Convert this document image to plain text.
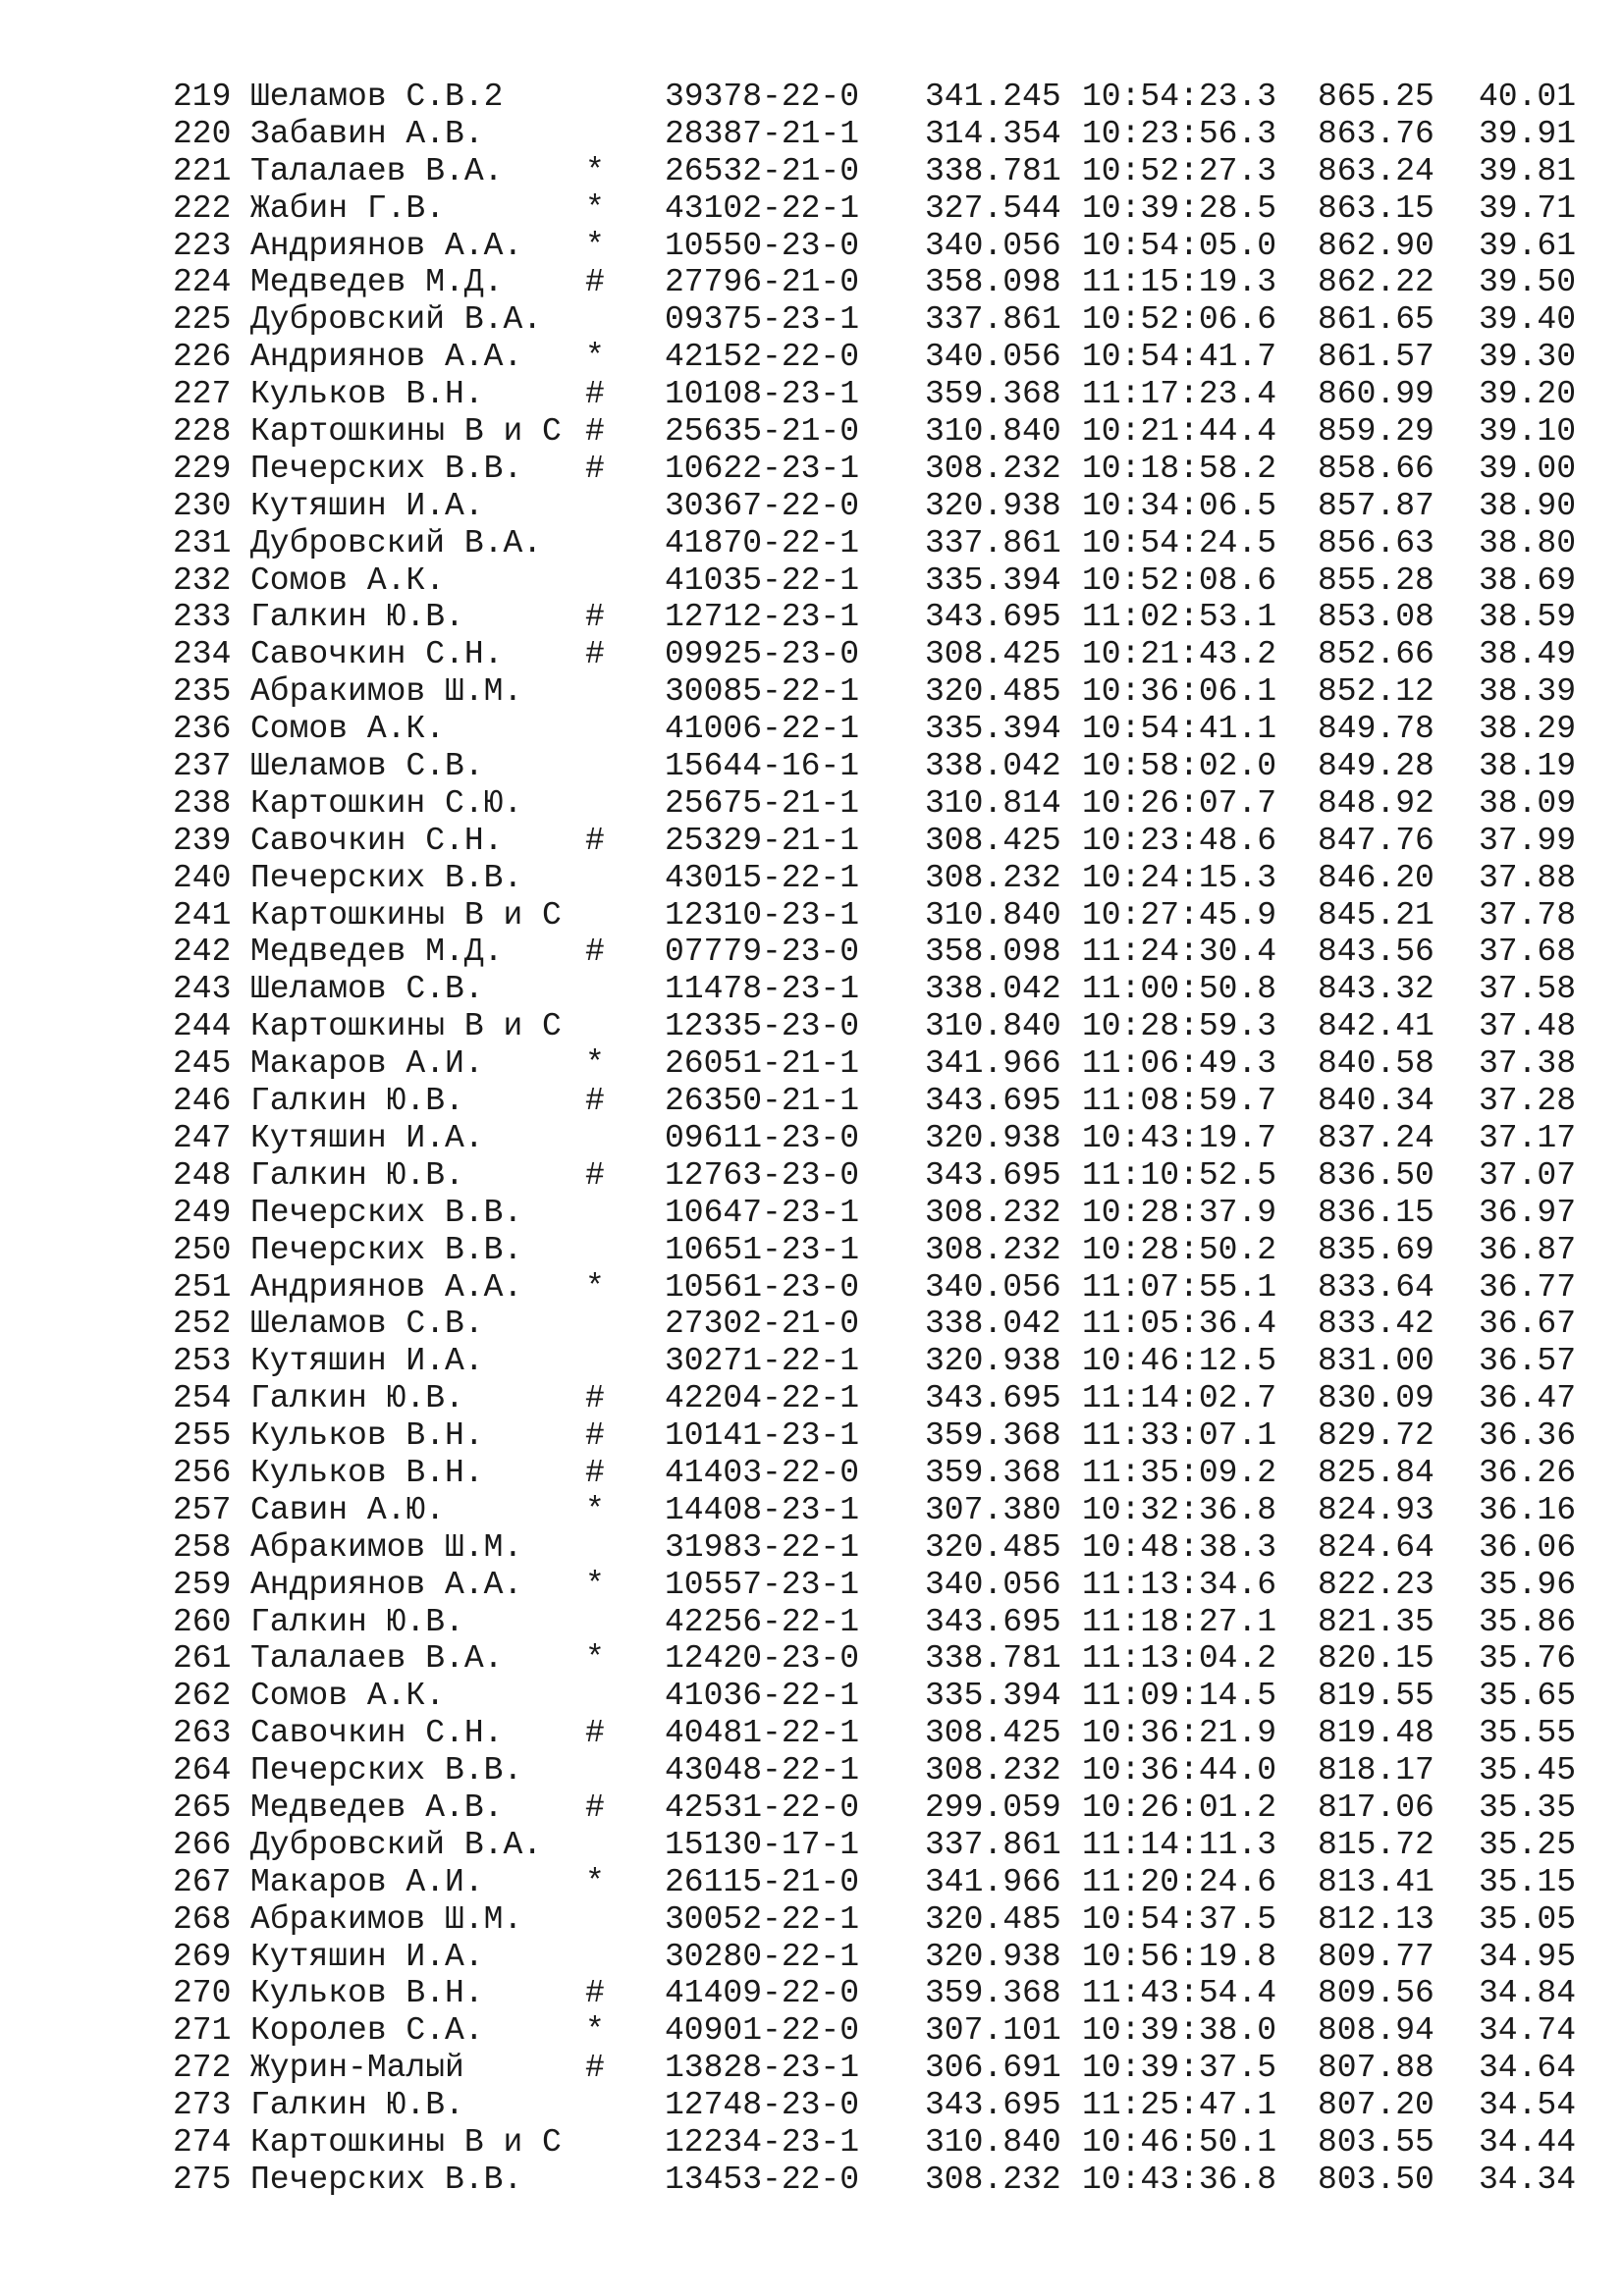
219 Шеламов С.В.2	39378-22-0 341.245 10:54:23.3 865.25 40.01
220 Забавин А.В.	28387-21-1 314.354 10:23:56.3 863.76 39.91
221 Талалаев В.А.	* 26532-21-0 338.781 10:52:27.3 863.24 39.81
222 Жабин Г.В.	* 43102-22-1 327.544 10:39:28.5 863.15 39.71
223 Андриянов А.А. * 10550-23-0 340.056 10:54:05.0 862.90 39.61
224 Медведев М.Д.	# 27796-21-0 358.098 11:15:19.3 862.22 39.50
225 Дубровский В.А.	09375-23-1 337.861 10:52:06.6 861.65 39.40
226 Андриянов А.А. * 42152-22-0 340.056 10:54:41.7 861.57 39.30
227 Кульков В.Н.	# 10108-23-1 359.368 11:17:23.4 860.99 39.20
228 Картошкины В и С # 25635-21-0 310.840 10:21:44.4 859.29 39.10
229 Печерских В.В. # 10622-23-1 308.232 10:18:58.2 858.66 39.00
230 Кутяшин И.А.	30367-22-0 320.938 10:34:06.5 857.87 38.90
231 Дубровский В.А.	41870-22-1 337.861 10:54:24.5 856.63 38.80
232 Сомов А.К.	41035-22-1 335.394 10:52:08.6 855.28 38.69
233 Галкин Ю.В.	# 12712-23-1 343.695 11:02:53.1 853.08 38.59
234 Савочкин С.Н.	# 09925-23-0 308.425 10:21:43.2 852.66 38.49
235 Абракимов Ш.М.	30085-22-1 320.485 10:36:06.1 852.12 38.39
236 Сомов А.К.	41006-22-1 335.394 10:54:41.1 849.78 38.29
237 Шеламов С.В.	15644-16-1 338.042 10:58:02.0 849.28 38.19
238 Картошкин С.Ю.	25675-21-1 310.814 10:26:07.7 848.92 38.09
239 Савочкин С.Н.	# 25329-21-1 308.425 10:23:48.6 847.76 37.99
240 Печерских В.В.	43015-22-1 308.232 10:24:15.3 846.20 37.88
241 Картошкины В и С	12310-23-1 310.840 10:27:45.9 845.21 37.78
242 Медведев М.Д.	# 07779-23-0 358.098 11:24:30.4 843.56 37.68
243 Шеламов С.В.	11478-23-1 338.042 11:00:50.8 843.32 37.58
244 Картошкины В и С	12335-23-0 310.840 10:28:59.3 842.41 37.48
245 Макаров А.И.	* 26051-21-1 341.966 11:06:49.3 840.58 37.38
246 Галкин Ю.В.	# 26350-21-1 343.695 11:08:59.7 840.34 37.28
247 Кутяшин И.А.	09611-23-0 320.938 10:43:19.7 837.24 37.17
248 Галкин Ю.В.	# 12763-23-0 343.695 11:10:52.5 836.50 37.07
249 Печерских В.В.	10647-23-1 308.232 10:28:37.9 836.15 36.97
250 Печерских В.В.	10651-23-1 308.232 10:28:50.2 835.69 36.87
251 Андриянов А.А. * 10561-23-0 340.056 11:07:55.1 833.64 36.77
252 Шеламов С.В.	27302-21-0 338.042 11:05:36.4 833.42 36.67
253 Кутяшин И.А.	30271-22-1 320.938 10:46:12.5 831.00 36.57
254 Галкин Ю.В.	# 42204-22-1 343.695 11:14:02.7 830.09 36.47
255 Кульков В.Н.	# 10141-23-1 359.368 11:33:07.1 829.72 36.36
256 Кульков В.Н.	# 41403-22-0 359.368 11:35:09.2 825.84 36.26
257 Савин А.Ю.	* 14408-23-1 307.380 10:32:36.8 824.93 36.16
258 Абракимов Ш.М.	31983-22-1 320.485 10:48:38.3 824.64 36.06
259 Андриянов А.А. * 10557-23-1 340.056 11:13:34.6 822.23 35.96
260 Галкин Ю.В.	42256-22-1 343.695 11:18:27.1 821.35 35.86
261 Талалаев В.А.	* 12420-23-0 338.781 11:13:04.2 820.15 35.76
262 Сомов А.К.	41036-22-1 335.394 11:09:14.5 819.55 35.65
263 Савочкин С.Н.	# 40481-22-1 308.425 10:36:21.9 819.48 35.55
264 Печерских В.В.	43048-22-1 308.232 10:36:44.0 818.17 35.45
265 Медведев А.В.	# 42531-22-0 299.059 10:26:01.2 817.06 35.35
266 Дубровский В.А.	15130-17-1 337.861 11:14:11.3 815.72 35.25
267 Макаров А.И.	* 26115-21-0 341.966 11:20:24.6 813.41 35.15
268 Абракимов Ш.М.	30052-22-1 320.485 10:54:37.5 812.13 35.05
269 Кутяшин И.А.	30280-22-1 320.938 10:56:19.8 809.77 34.95
270 Кульков В.Н.	# 41409-22-0 359.368 11:43:54.4 809.56 34.84
271 Королев С.А.	* 40901-22-0 307.101 10:39:38.0 808.94 34.74
272 Журин-Малый	# 13828-23-1 306.691 10:39:37.5 807.88 34.64
273 Галкин Ю.В.	12748-23-0 343.695 11:25:47.1 807.20 34.54
274 Картошкины В и С	12234-23-1 310.840 10:46:50.1 803.55 34.44
275 Печерских В.В.	13453-22-0 308.232 10:43:36.8 803.50 34.34
